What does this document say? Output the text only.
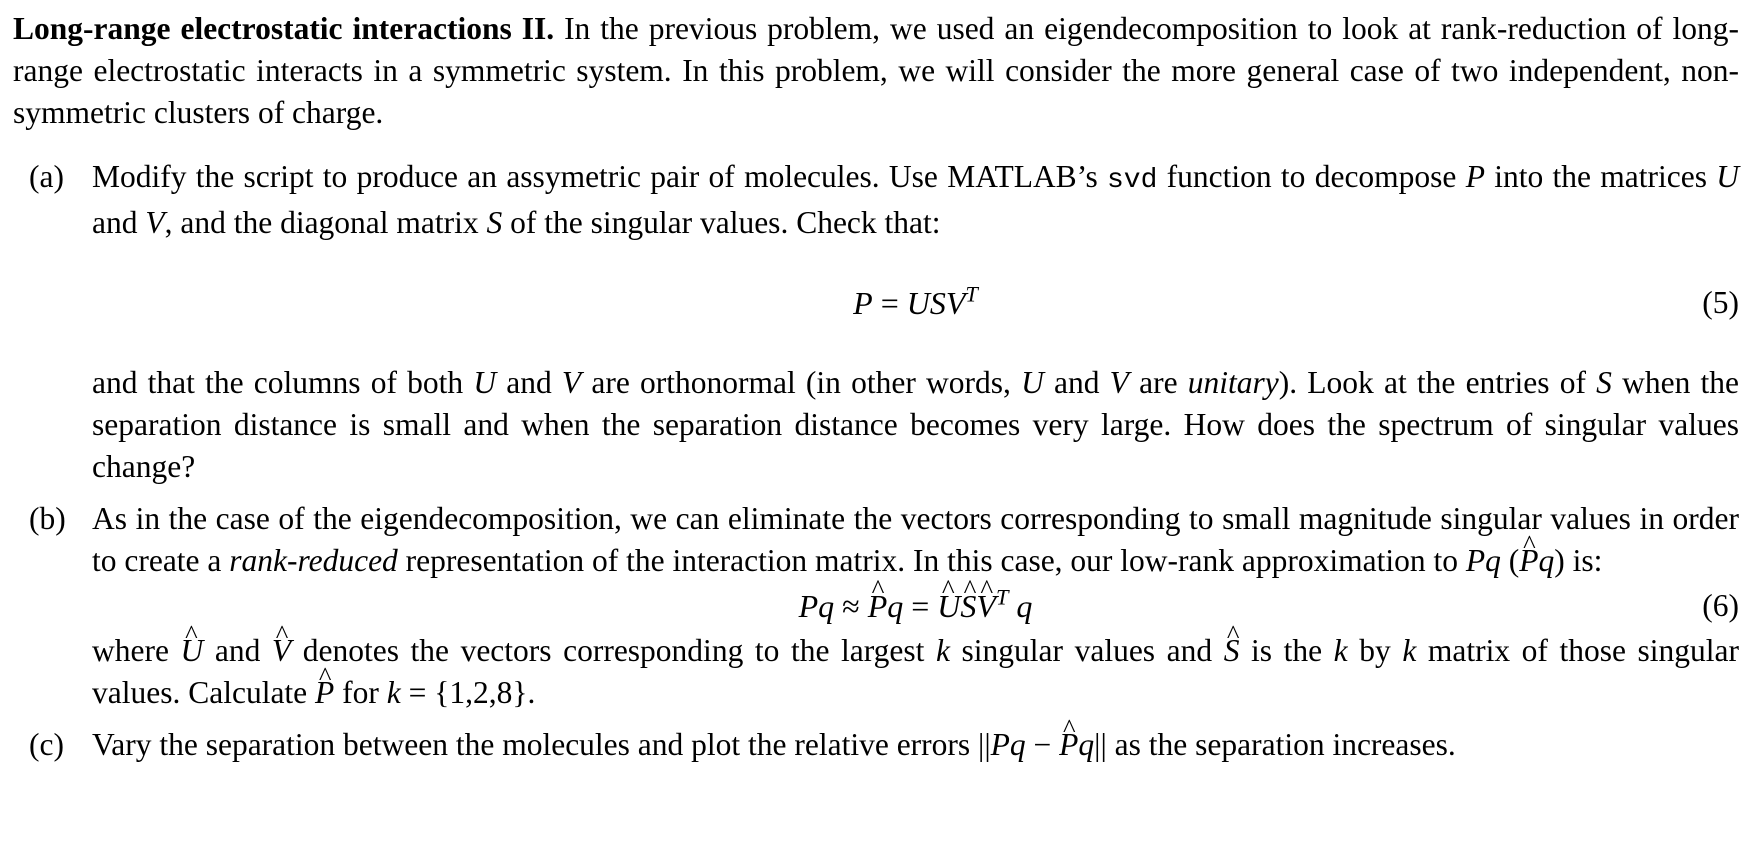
Long-range electrostatic interactions II. In the previous problem, we used an eigendecomposition to look at rank-reduction of long-range electrostatic interacts in a symmetric system. In this problem, we will consider the more general case of two independent, non-symmetric clusters of charge.

(a) Modify the script to produce an assymetric pair of molecules. Use MATLAB’s svd function to decompose P into the matrices U and V, and the diagonal matrix S of the singular values. Check that:

$P = USV^T$	(5)

and that the columns of both U and V are orthonormal (in other words, U and V are unitary). Look at the entries of S when the separation distance is small and when the separation distance becomes very large. How does the spectrum of singular values change?

(b) As in the case of the eigendecomposition, we can eliminate the vectors corresponding to small magnitude singular values in order to create a rank-reduced representation of the interaction matrix. In this case, our low-rank approximation to Pq (P ^q) is:

Pq ≈ P ^q = U ^S ^V ^$^T$ q	(6)

where U ^ and V ^ denotes the vectors corresponding to the largest k singular values and S ^ is the k by k matrix of those singular values. Calculate P ^ for k = {1,2,8}.

(c) Vary the separation between the molecules and plot the relative errors ||Pq − P ^q|| as the separation increases.
